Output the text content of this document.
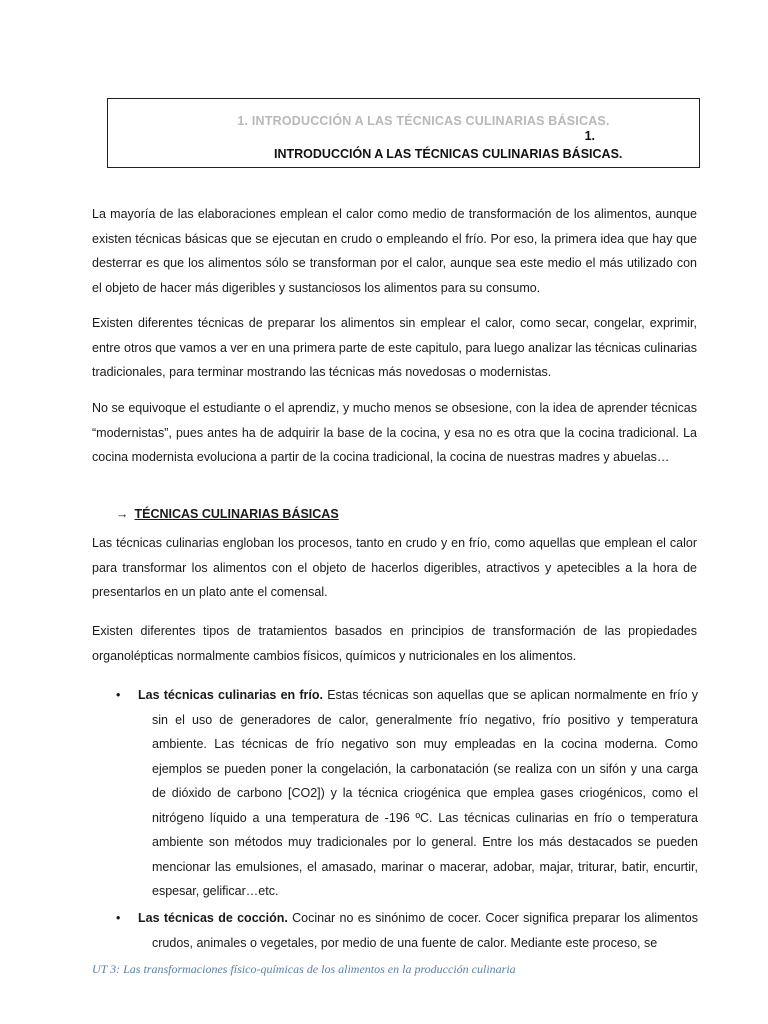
1. INTRODUCCIÓN A LAS TÉCNICAS CULINARIAS BÁSICAS.
1.
INTRODUCCIÓN A LAS TÉCNICAS CULINARIAS BÁSICAS.

La mayoría de las elaboraciones emplean el calor como medio de transformación de los alimentos, aunque existen técnicas básicas que se ejecutan en crudo o empleando el frío. Por eso, la primera idea que hay que desterrar es que los alimentos sólo se transforman por el calor, aunque sea este medio el más utilizado con el objeto de hacer más digeribles y sustanciosos los alimentos para su consumo.

Existen diferentes técnicas de preparar los alimentos sin emplear el calor, como secar, congelar, exprimir, entre otros que vamos a ver en una primera parte de este capitulo, para luego analizar las técnicas culinarias tradicionales, para terminar mostrando las técnicas más novedosas o modernistas.

No se equivoque el estudiante o el aprendiz, y mucho menos se obsesione, con la idea de aprender técnicas “modernistas”, pues antes ha de adquirir la base de la cocina, y esa no es otra que la cocina tradicional. La cocina modernista evoluciona a partir de la cocina tradicional, la cocina de nuestras madres y abuelas…

→ TÉCNICAS CULINARIAS BÁSICAS

Las técnicas culinarias engloban los procesos, tanto en crudo y en frío, como aquellas que emplean el calor para transformar los alimentos con el objeto de hacerlos digeribles, atractivos y apetecibles a la hora de presentarlos en un plato ante el comensal.

Existen diferentes tipos de tratamientos basados en principios de transformación de las propiedades organolépticas normalmente cambios físicos, químicos y nutricionales en los alimentos.

•	Las técnicas culinarias en frío. Estas técnicas son aquellas que se aplican normalmente en frío y sin el uso de generadores de calor, generalmente frío negativo, frío positivo y temperatura ambiente. Las técnicas de frío negativo son muy empleadas en la cocina moderna. Como ejemplos se pueden poner la congelación, la carbonatación (se realiza con un sifón y una carga de dióxido de carbono [CO2]) y la técnica criogénica que emplea gases criogénicos, como el nitrógeno líquido a una temperatura de -196 ºC. Las técnicas culinarias en frío o temperatura ambiente son métodos muy tradicionales por lo general. Entre los más destacados se pueden mencionar las emulsiones, el amasado, marinar o macerar, adobar, majar, triturar, batir, encurtir, espesar, gelificar…etc.
•	Las técnicas de cocción. Cocinar no es sinónimo de cocer. Cocer significa preparar los alimentos crudos, animales o vegetales, por medio de una fuente de calor. Mediante este proceso, se
UT 3: Las transformaciones físico-químicas de los alimentos en la producción culinaria
